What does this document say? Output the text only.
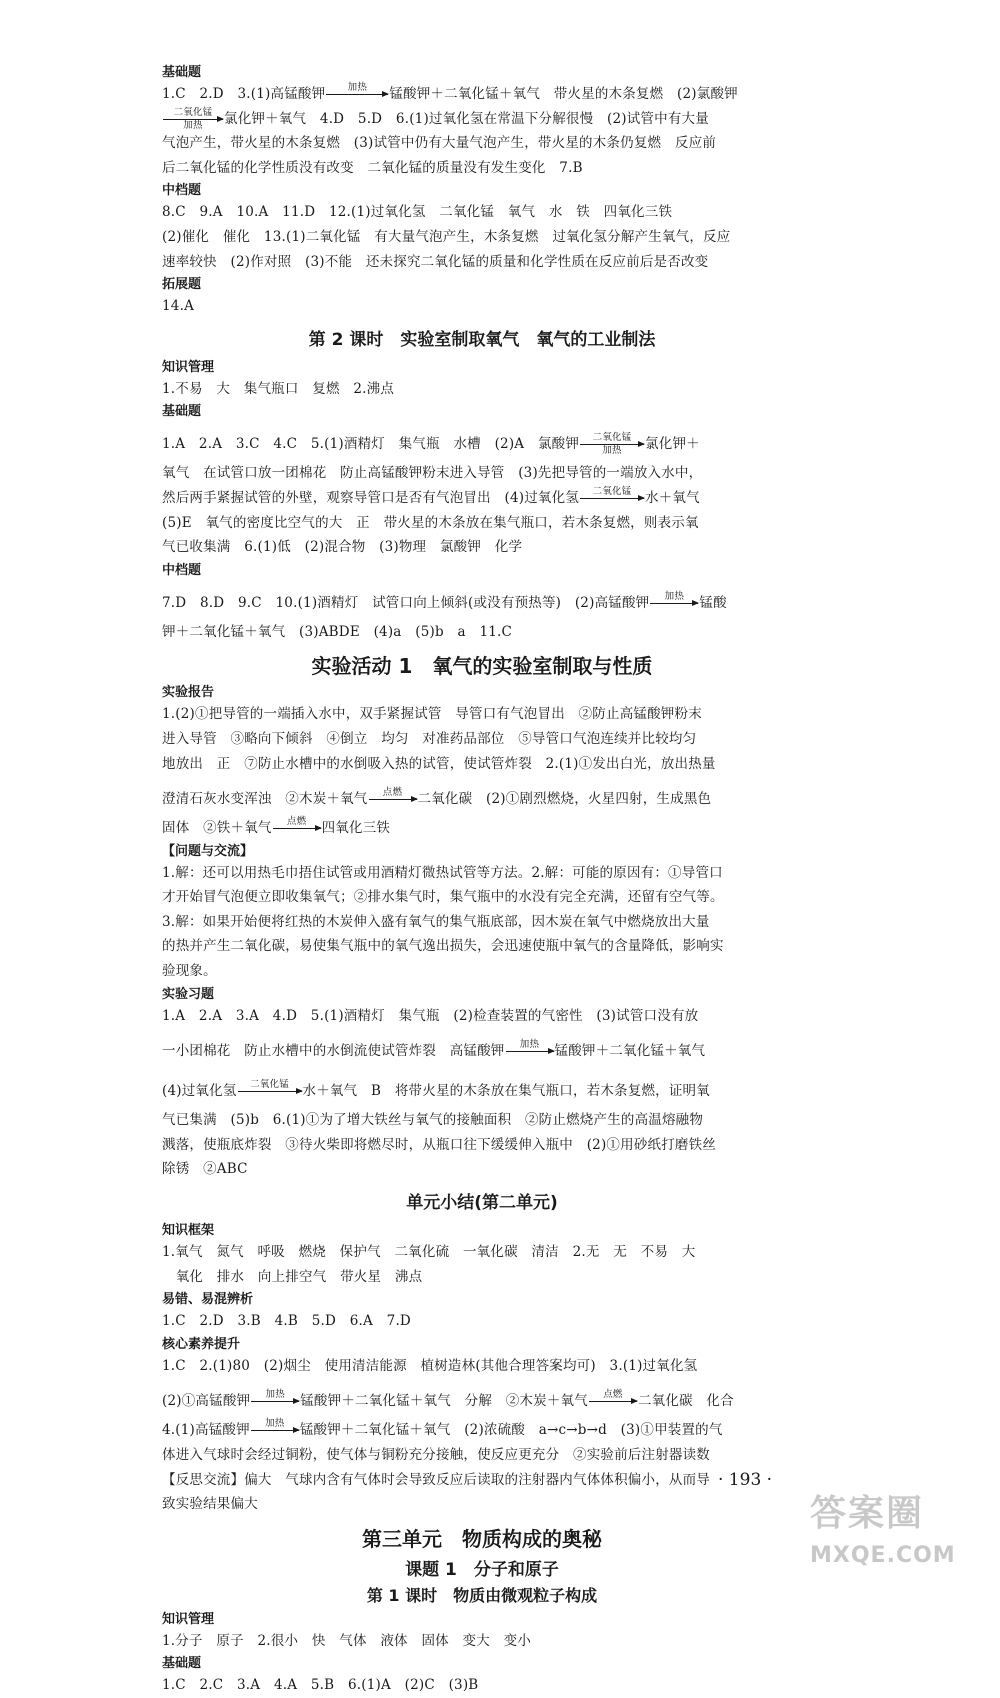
基础题
1.C　2.D　3.(1)高锰酸钾	加热
	锰酸钾＋二氧化锰＋氧气　带火星的木条复燃　(2)氯酸钾
二氧化锰
加热	氯化钾＋氧气　4.D　5.D　6.(1)过氧化氢在常温下分解很慢　(2)试管中有大量
气泡产生，带火星的木条复燃　(3)试管中仍有大量气泡产生，带火星的木条仍复燃　反应前
后二氧化锰的化学性质没有改变　二氧化锰的质量没有发生变化　7.B
中档题
8.C　9.A　10.A　11.D　12.(1)过氧化氢　二氧化锰　氧气　水　铁　四氧化三铁
(2)催化　催化　13.(1)二氧化锰　有大量气泡产生，木条复燃　过氧化氢分解产生氧气，反应
速率较快　(2)作对照　(3)不能　还未探究二氧化锰的质量和化学性质在反应前后是否改变
拓展题
14.A
第 2 课时　实验室制取氧气　氧气的工业制法
知识管理
1.不易　大　集气瓶口　复燃　2.沸点
基础题
1.A　2.A　3.C　4.C　5.(1)酒精灯　集气瓶　水槽　(2)A　氯酸钾	二氧化锰
加热	氯化钾＋
氧气　在试管口放一团棉花　防止高锰酸钾粉末进入导管　(3)先把导管的一端放入水中，
然后两手紧握试管的外壁，观察导管口是否有气泡冒出　(4)过氧化氢	二氧化锰
	水＋氧气
(5)E　氧气的密度比空气的大　正　带火星的木条放在集气瓶口，若木条复燃，则表示氧
气已收集满　6.(1)低　(2)混合物　(3)物理　氯酸钾　化学
中档题
7.D　8.D　9.C　10.(1)酒精灯　试管口向上倾斜(或没有预热等)　(2)高锰酸钾	加热
	锰酸
钾＋二氧化锰＋氧气　(3)ABDE　(4)a　(5)b　a　11.C
实验活动 1　氧气的实验室制取与性质
实验报告
1.(2)①把导管的一端插入水中，双手紧握试管　导管口有气泡冒出　②防止高锰酸钾粉末
进入导管　③略向下倾斜　④倒立　均匀　对准药品部位　⑤导管口气泡连续并比较均匀
地放出　正　⑦防止水槽中的水倒吸入热的试管，使试管炸裂　2.(1)①发出白光，放出热量
澄清石灰水变浑浊　②木炭＋氧气	点燃
	二氧化碳　(2)①剧烈燃烧，火星四射，生成黑色
固体　②铁＋氧气	点燃
	四氧化三铁
【问题与交流】
1.解：还可以用热毛巾捂住试管或用酒精灯微热试管等方法。2.解：可能的原因有：①导管口
才开始冒气泡便立即收集氧气；②排水集气时，集气瓶中的水没有完全充满，还留有空气等。
3.解：如果开始便将红热的木炭伸入盛有氧气的集气瓶底部，因木炭在氧气中燃烧放出大量
的热并产生二氧化碳，易使集气瓶中的氧气逸出损失，会迅速使瓶中氧气的含量降低，影响实
验现象。
实验习题
1.A　2.A　3.A　4.D　5.(1)酒精灯　集气瓶　(2)检查装置的气密性　(3)试管口没有放
一小团棉花　防止水槽中的水倒流使试管炸裂　高锰酸钾	加热
	锰酸钾＋二氧化锰＋氧气
(4)过氧化氢	二氧化锰
	水＋氧气　B　将带火星的木条放在集气瓶口，若木条复燃，证明氧
气已集满　(5)b　6.(1)①为了增大铁丝与氧气的接触面积　②防止燃烧产生的高温熔融物
溅落，使瓶底炸裂　③待火柴即将燃尽时，从瓶口往下缓缓伸入瓶中　(2)①用砂纸打磨铁丝
除锈　②ABC
单元小结(第二单元)
知识框架
1.氧气　氮气　呼吸　燃烧　保护气　二氧化硫　一氧化碳　清洁　2.无　无　不易　大
　氧化　排水　向上排空气　带火星　沸点
易错、易混辨析
1.C　2.D　3.B　4.B　5.D　6.A　7.D
核心素养提升
1.C　2.(1)80　(2)烟尘　使用清洁能源　植树造林(其他合理答案均可)　3.(1)过氧化氢
(2)①高锰酸钾	加热
	锰酸钾＋二氧化锰＋氧气　分解　②木炭＋氧气	点燃
	二氧化碳　化合
4.(1)高锰酸钾	加热
	锰酸钾＋二氧化锰＋氧气　(2)浓硫酸　a→c→b→d　(3)①甲装置的气
体进入气球时会经过铜粉，使气体与铜粉充分接触，使反应更充分　②实验前后注射器读数
【反思交流】偏大　气球内含有气体时会导致反应后读取的注射器内气体体积偏小，从而导
致实验结果偏大
第三单元　物质构成的奥秘
课题 1　分子和原子
第 1 课时　物质由微观粒子构成
知识管理
1.分子　原子　2.很小　快　气体　液体　固体　变大　变小
基础题
1.C　2.C　3.A　4.A　5.B　6.(1)A　(2)C　(3)B
· 193 ·
答案圈
MXQE.COM
